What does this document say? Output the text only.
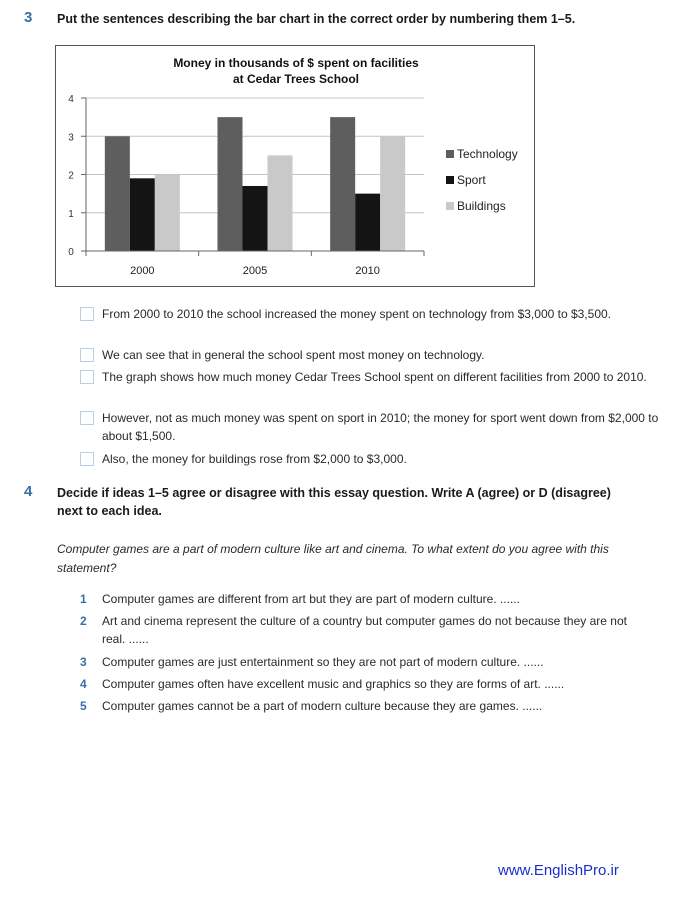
3 Put the sentences describing the bar chart in the correct order by numbering them 1–5.
Money in thousands of $ spent on facilities
at Cedar Trees School
0
1
2
3
4
2000	2005	2010
Technology
Sport
Buildings
From 2000 to 2010 the school increased the money spent on technology from $3,000 to $3,500.
We can see that in general the school spent most money on technology.
The graph shows how much money Cedar Trees School spent on different facilities from 2000 to 2010.
However, not as much money was spent on sport in 2010; the money for sport went down from $2,000 to about $1,500.
Also, the money for buildings rose from $2,000 to $3,000.
4 Decide if ideas 1–5 agree or disagree with this essay question. Write A (agree) or D (disagree) next to each idea.
Computer games are a part of modern culture like art and cinema. To what extent do you agree with this statement?
1 Computer games are different from art but they are part of modern culture. ......
2 Art and cinema represent the culture of a country but computer games do not because they are not real. ......
3 Computer games are just entertainment so they are not part of modern culture. ......
4 Computer games often have excellent music and graphics so they are forms of art. ......
5 Computer games cannot be a part of modern culture because they are games. ......
www.EnglishPro.ir
